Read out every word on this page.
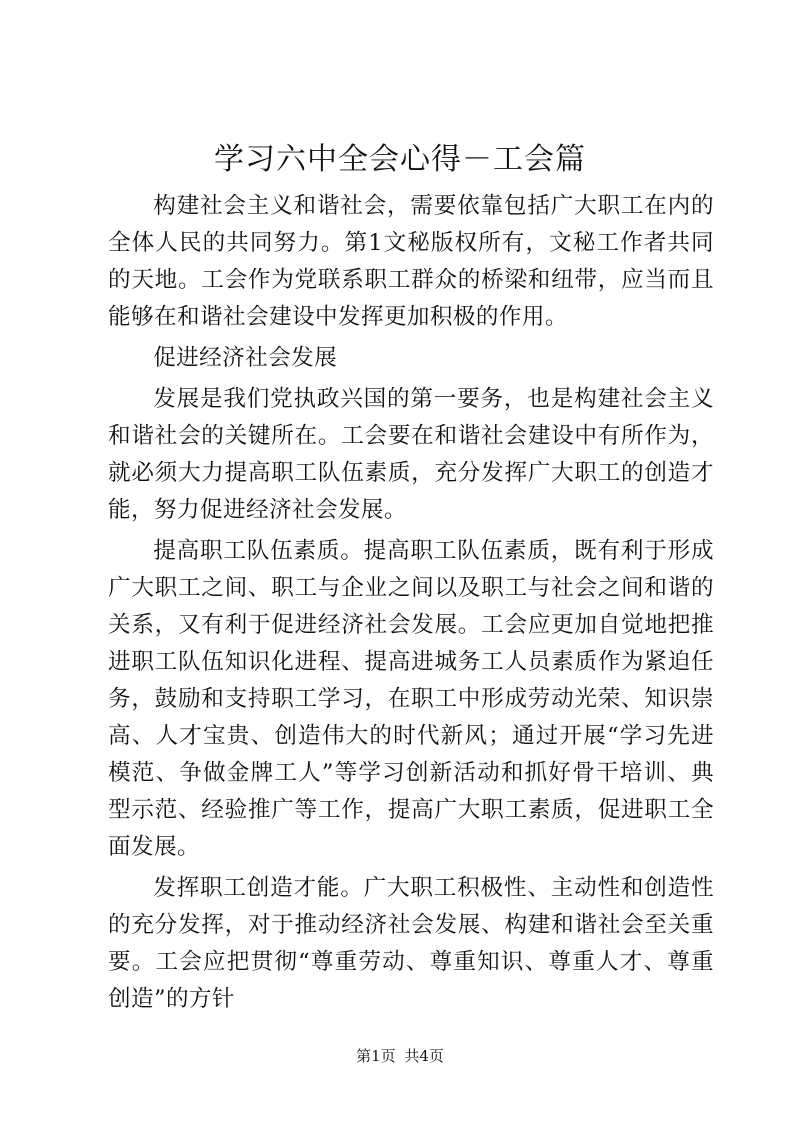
学习六中全会心得－工会篇

构建社会主义和谐社会，需要依靠包括广大职工在内的全体人民的共同努力。第1文秘版权所有，文秘工作者共同的天地。工会作为党联系职工群众的桥梁和纽带，应当而且能够在和谐社会建设中发挥更加积极的作用。

促进经济社会发展

发展是我们党执政兴国的第一要务，也是构建社会主义和谐社会的关键所在。工会要在和谐社会建设中有所作为，就必须大力提高职工队伍素质，充分发挥广大职工的创造才能，努力促进经济社会发展。

提高职工队伍素质。提高职工队伍素质，既有利于形成广大职工之间、职工与企业之间以及职工与社会之间和谐的关系，又有利于促进经济社会发展。工会应更加自觉地把推进职工队伍知识化进程、提高进城务工人员素质作为紧迫任务，鼓励和支持职工学习，在职工中形成劳动光荣、知识崇高、人才宝贵、创造伟大的时代新风；通过开展“学习先进模范、争做金牌工人”等学习创新活动和抓好骨干培训、典型示范、经验推广等工作，提高广大职工素质，促进职工全面发展。

发挥职工创造才能。广大职工积极性、主动性和创造性的充分发挥，对于推动经济社会发展、构建和谐社会至关重要。工会应把贯彻“尊重劳动、尊重知识、尊重人才、尊重创造”的方针

第1页 共4页
